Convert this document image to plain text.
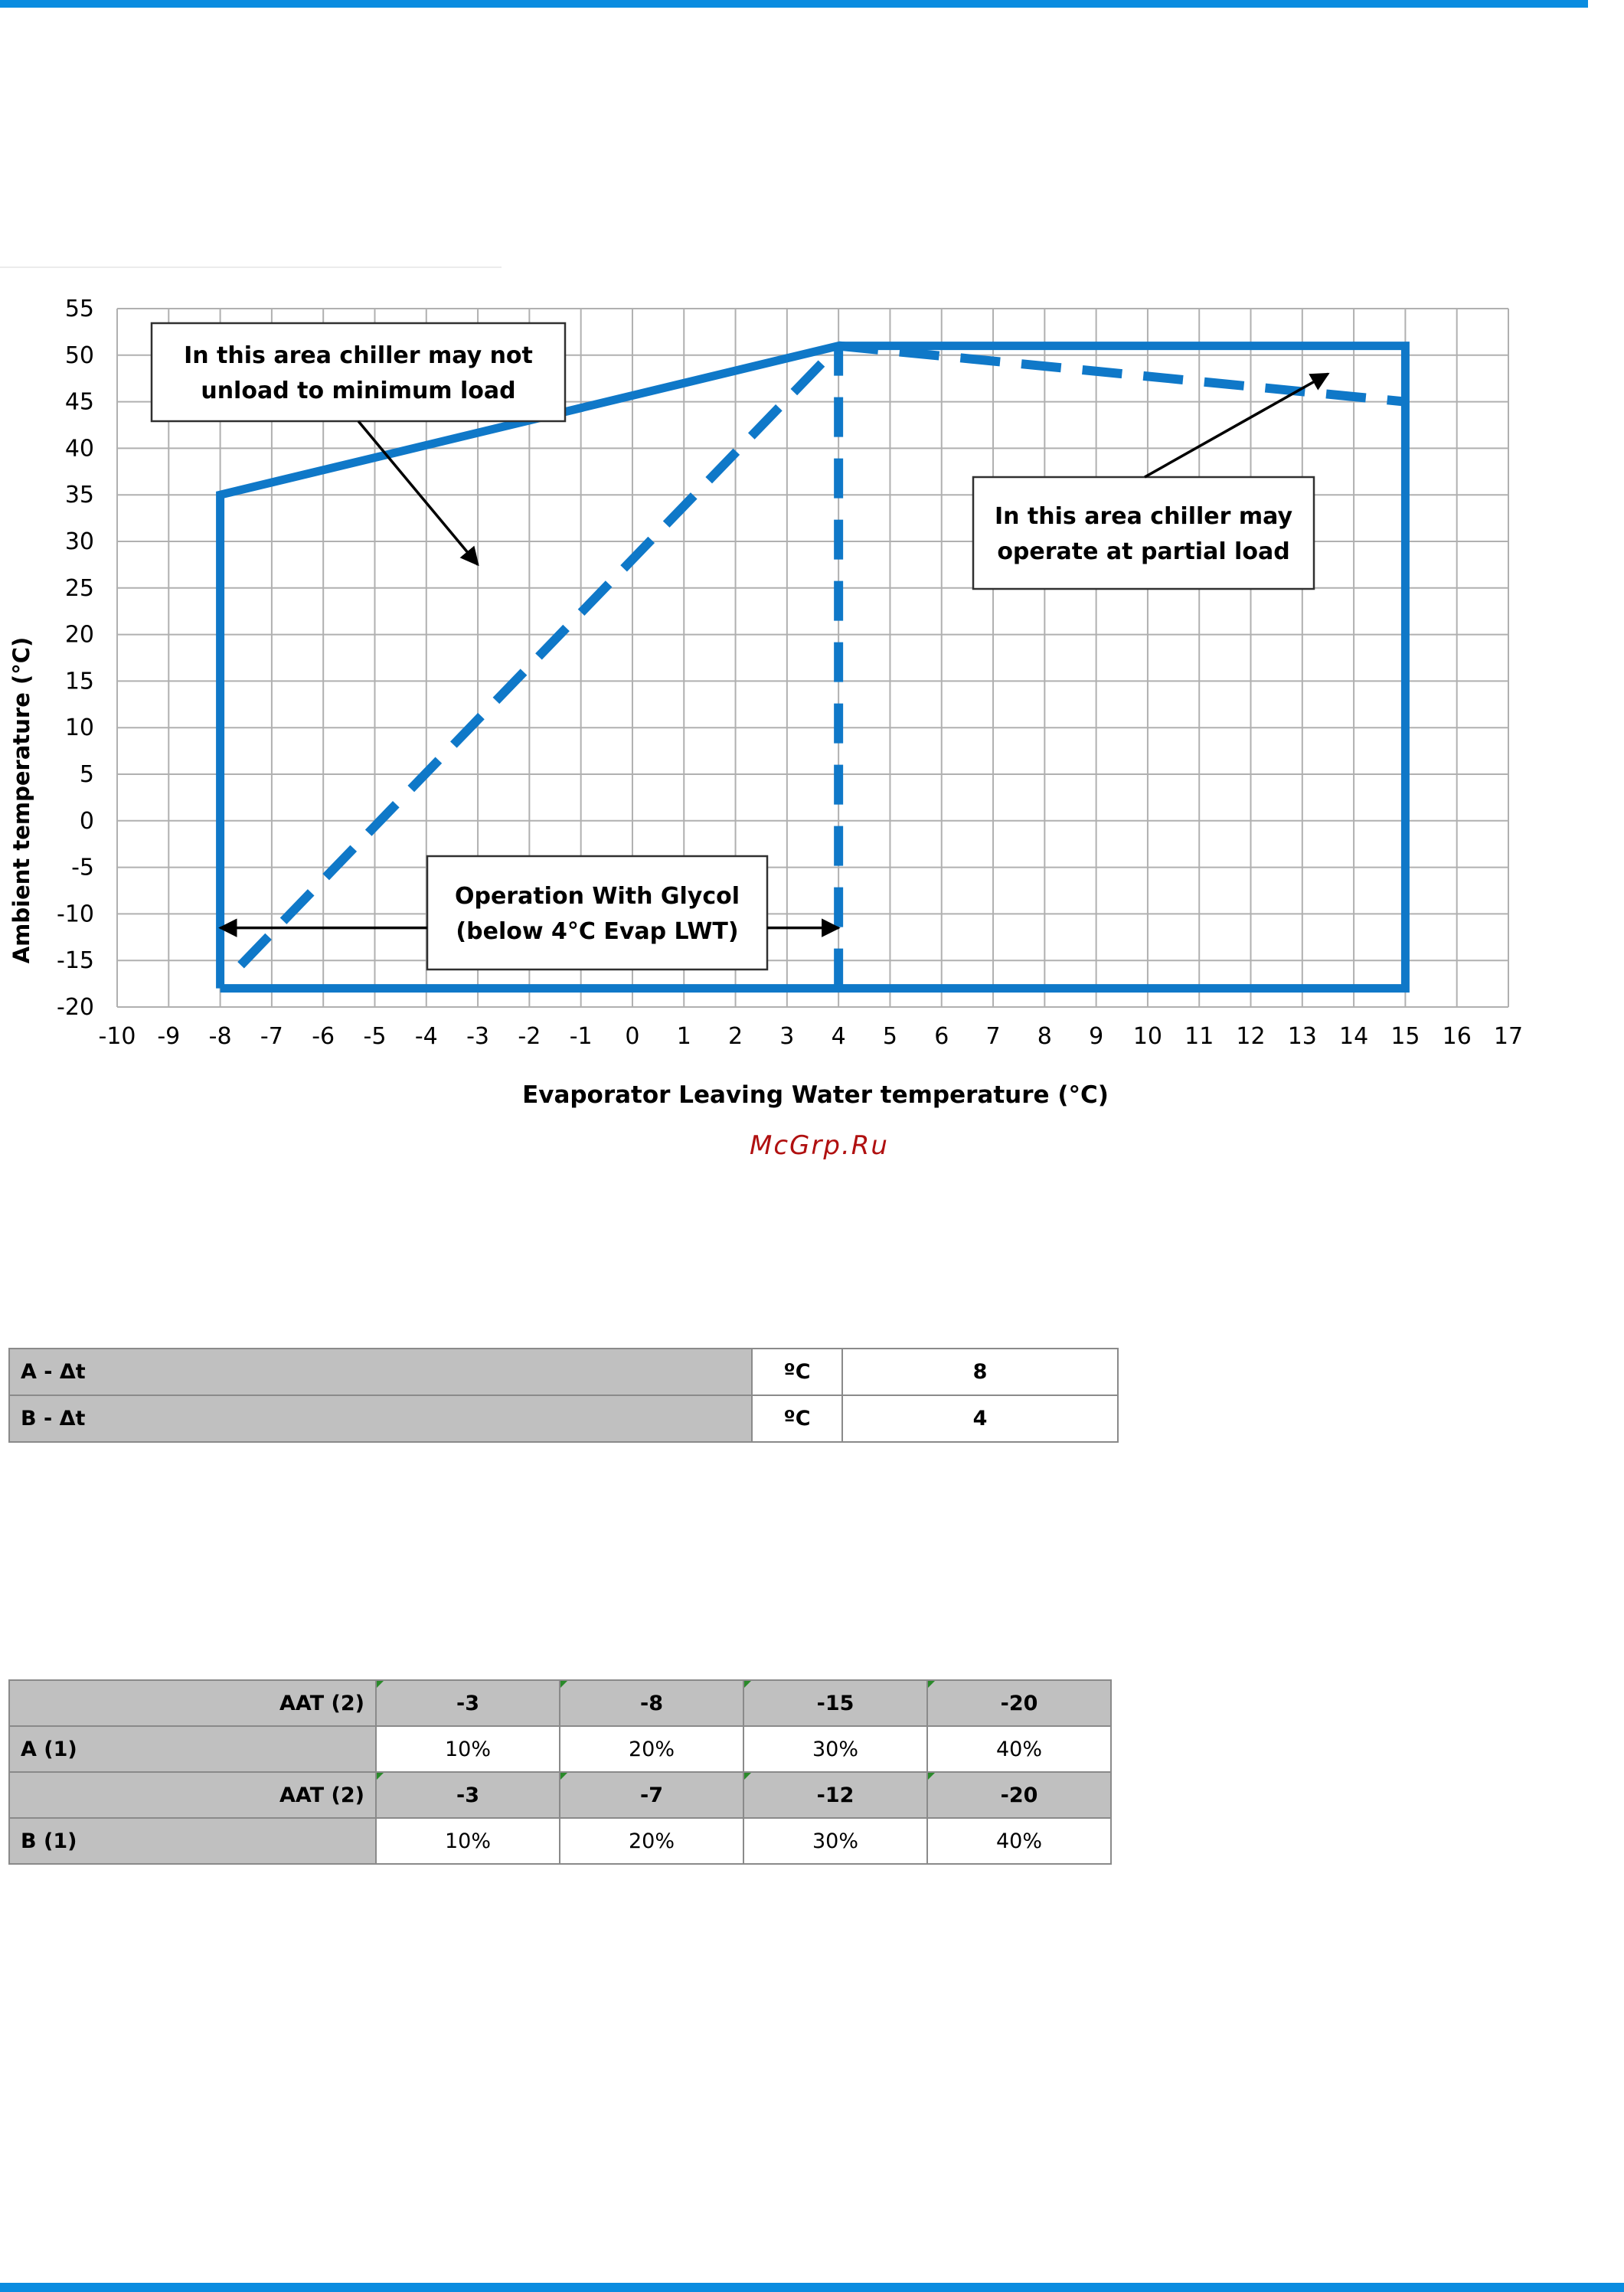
-10 -9 -8 -7 -6 -5 -4 -3 -2 -1 0 1 2 3 4 5 6 7 8 9 10 11 12 13 14 15 16 17
55
50
45
40
35
30
25
20
15
10
5
0
-5
-10
-15
-20
In this area chiller may not
unload to minimum load
In this area chiller may
operate at partial load
Operation With Glycol
(below 4°C Evap LWT)
Evaporator Leaving Water temperature (°C)
Ambient temperature (°C)
McGrp.Ru
A - Δt	ºC	8
B - Δt	ºC	4
AAT (2)	-3	-8	-15	-20
A (1)	10%	20%	30%	40%
AAT (2)	-3	-7	-12	-20
B (1)	10%	20%	30%	40%
